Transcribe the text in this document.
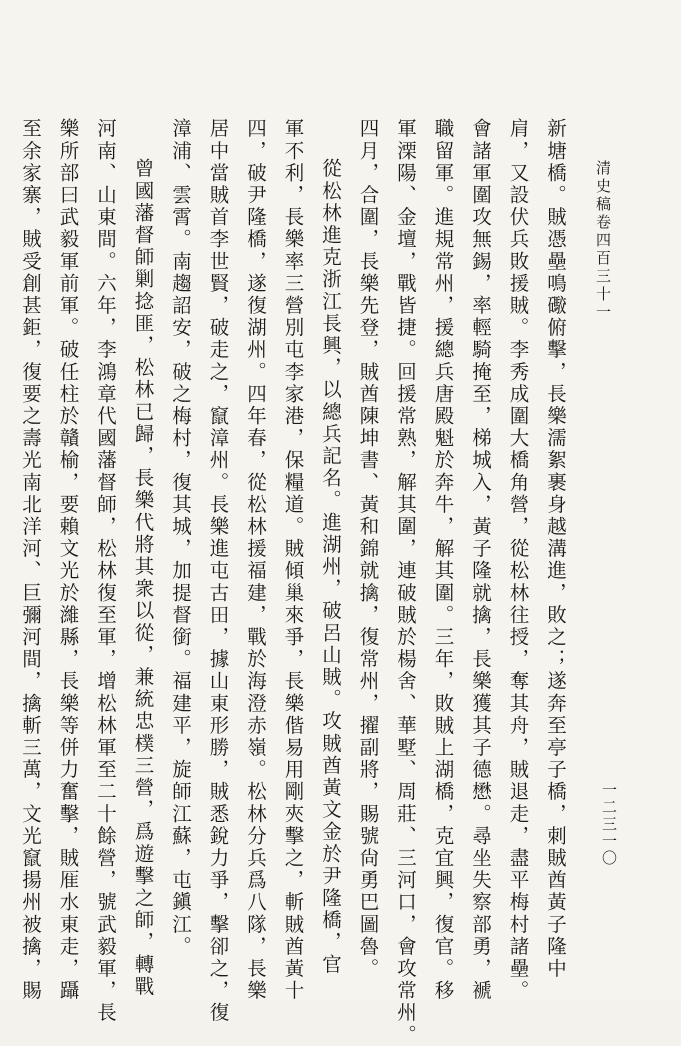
清史稿卷四百三十一
一二三一〇
新塘橋。賊憑壘鳴礮俯擊，長樂濡絮裹身越溝進，敗之；遂奔至亭子橋，刺賊酋黃子隆中
肩，又設伏兵敗援賊。李秀成圍大橋角營，從松林往授，奪其舟，賊退走，盡平梅村諸壘。
會諸軍圍攻無錫，率輕騎掩至，梯城入，黃子隆就擒，長樂獲其子德懋。尋坐失察部勇，褫
職留軍。進規常州，援總兵唐殿魁於奔牛，解其圍。三年，敗賊上湖橋，克宜興，復官。移
軍溧陽、金壇，戰皆捷。回援常熟，解其圍，連破賊於楊舍、華墅、周莊、三河口，會攻常州。
四月，合圍，長樂先登，賊酋陳坤書、黃和錦就擒，復常州，擢副將，賜號尙勇巴圖魯。
從松林進克浙江長興，以總兵記名。進湖州，破呂山賊。攻賊酋黃文金於尹隆橋，官
軍不利，長樂率三營別屯李家港，保糧道。賊傾巢來爭，長樂偕易用剛夾擊之，斬賊酋黃十
四，破尹隆橋，遂復湖州。四年春，從松林援福建，戰於海澄赤嶺。松林分兵爲八隊，長樂
居中當賊首李世賢，破走之，竄漳州。長樂進屯古田，據山東形勝，賊悉銳力爭，擊卻之，復
漳浦、雲霄。南趨詔安，破之梅村，復其城，加提督銜。福建平，旋師江蘇，屯鎭江。
曾國藩督師剿捻匪，松林已歸，長樂代將其衆以從，兼統忠樸三營，爲遊擊之師，轉戰
河南、山東間。六年，李鴻章代國藩督師，松林復至軍，增松林軍至二十餘營，號武毅軍，長
樂所部曰武毅軍前軍。破任柱於贛榆，要賴文光於濰縣，長樂等併力奮擊，賊㕍水東走，躡
至余家寨，賊受創甚鉅，復要之壽光南北洋河、巨彌河間，擒斬三萬，文光竄揚州被擒，賜
